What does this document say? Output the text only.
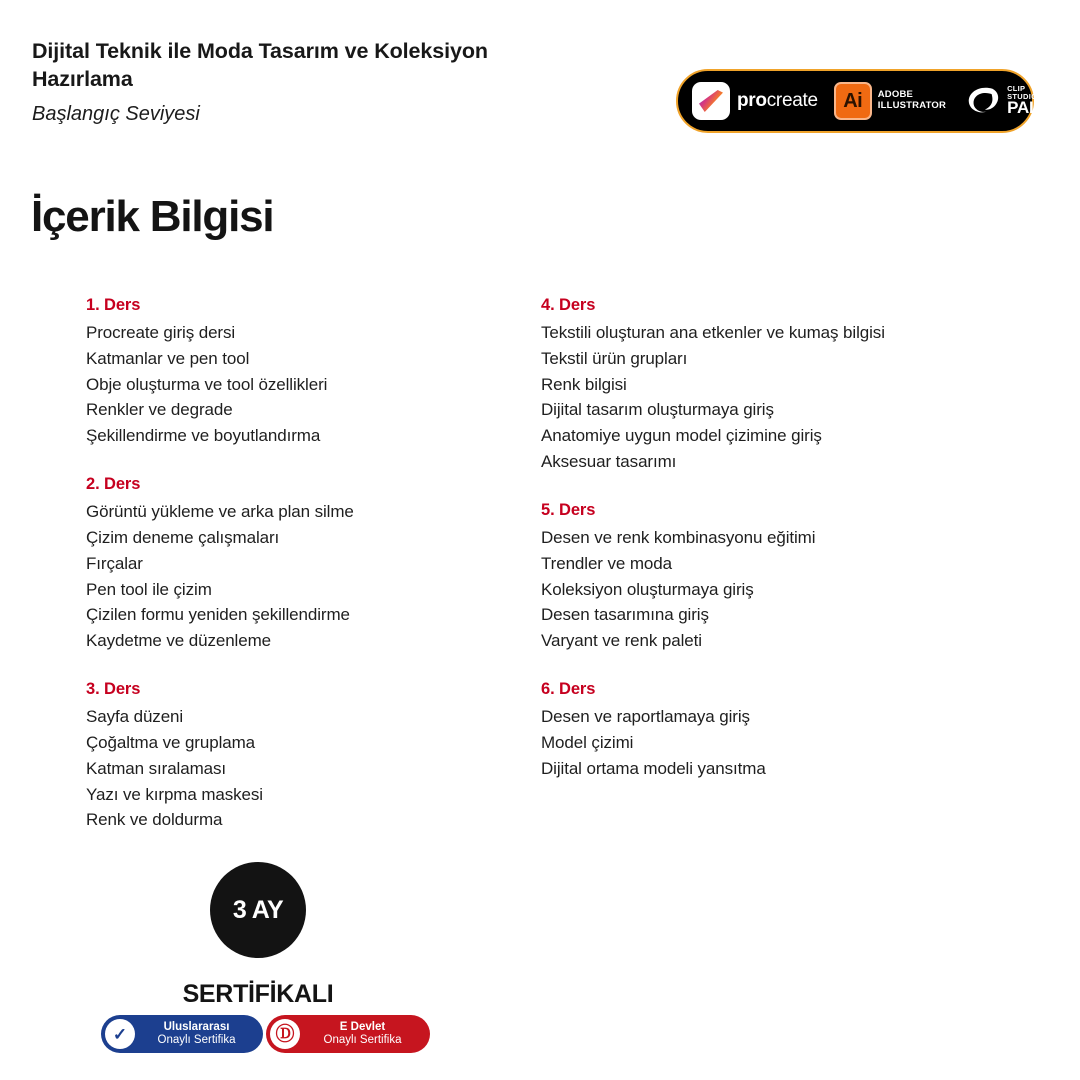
Dijital Teknik ile Moda Tasarım ve Koleksiyon Hazırlama
Başlangıç Seviyesi
procreate Ai ADOBE
ILLUSTRATOR
CLIP STUDIO
PAINT
İçerik Bilgisi
1. Ders
Procreate giriş dersi
Katmanlar ve pen tool
Obje oluşturma ve tool özellikleri
Renkler ve degrade
Şekillendirme ve boyutlandırma
2. Ders
Görüntü yükleme ve arka plan silme
Çizim deneme çalışmaları
Fırçalar
Pen tool ile çizim
Çizilen formu yeniden şekillendirme
Kaydetme ve düzenleme
3. Ders
Sayfa düzeni
Çoğaltma ve gruplama
Katman sıralaması
Yazı ve kırpma maskesi
Renk ve doldurma
4. Ders
Tekstili oluşturan ana etkenler ve kumaş bilgisi
Tekstil ürün grupları
Renk bilgisi
Dijital tasarım oluşturmaya giriş
Anatomiye uygun model çizimine giriş
Aksesuar tasarımı
5. Ders
Desen ve renk kombinasyonu eğitimi
Trendler ve moda
Koleksiyon oluşturmaya giriş
Desen tasarımına giriş
Varyant ve renk paleti
6. Ders
Desen ve raportlamaya giriş
Model çizimi
Dijital ortama modeli yansıtma
3 AY
SERTİFİKALI
✓	Uluslararası
Onaylı Sertifika	Ⓓ	E Devlet
Onaylı Sertifika
